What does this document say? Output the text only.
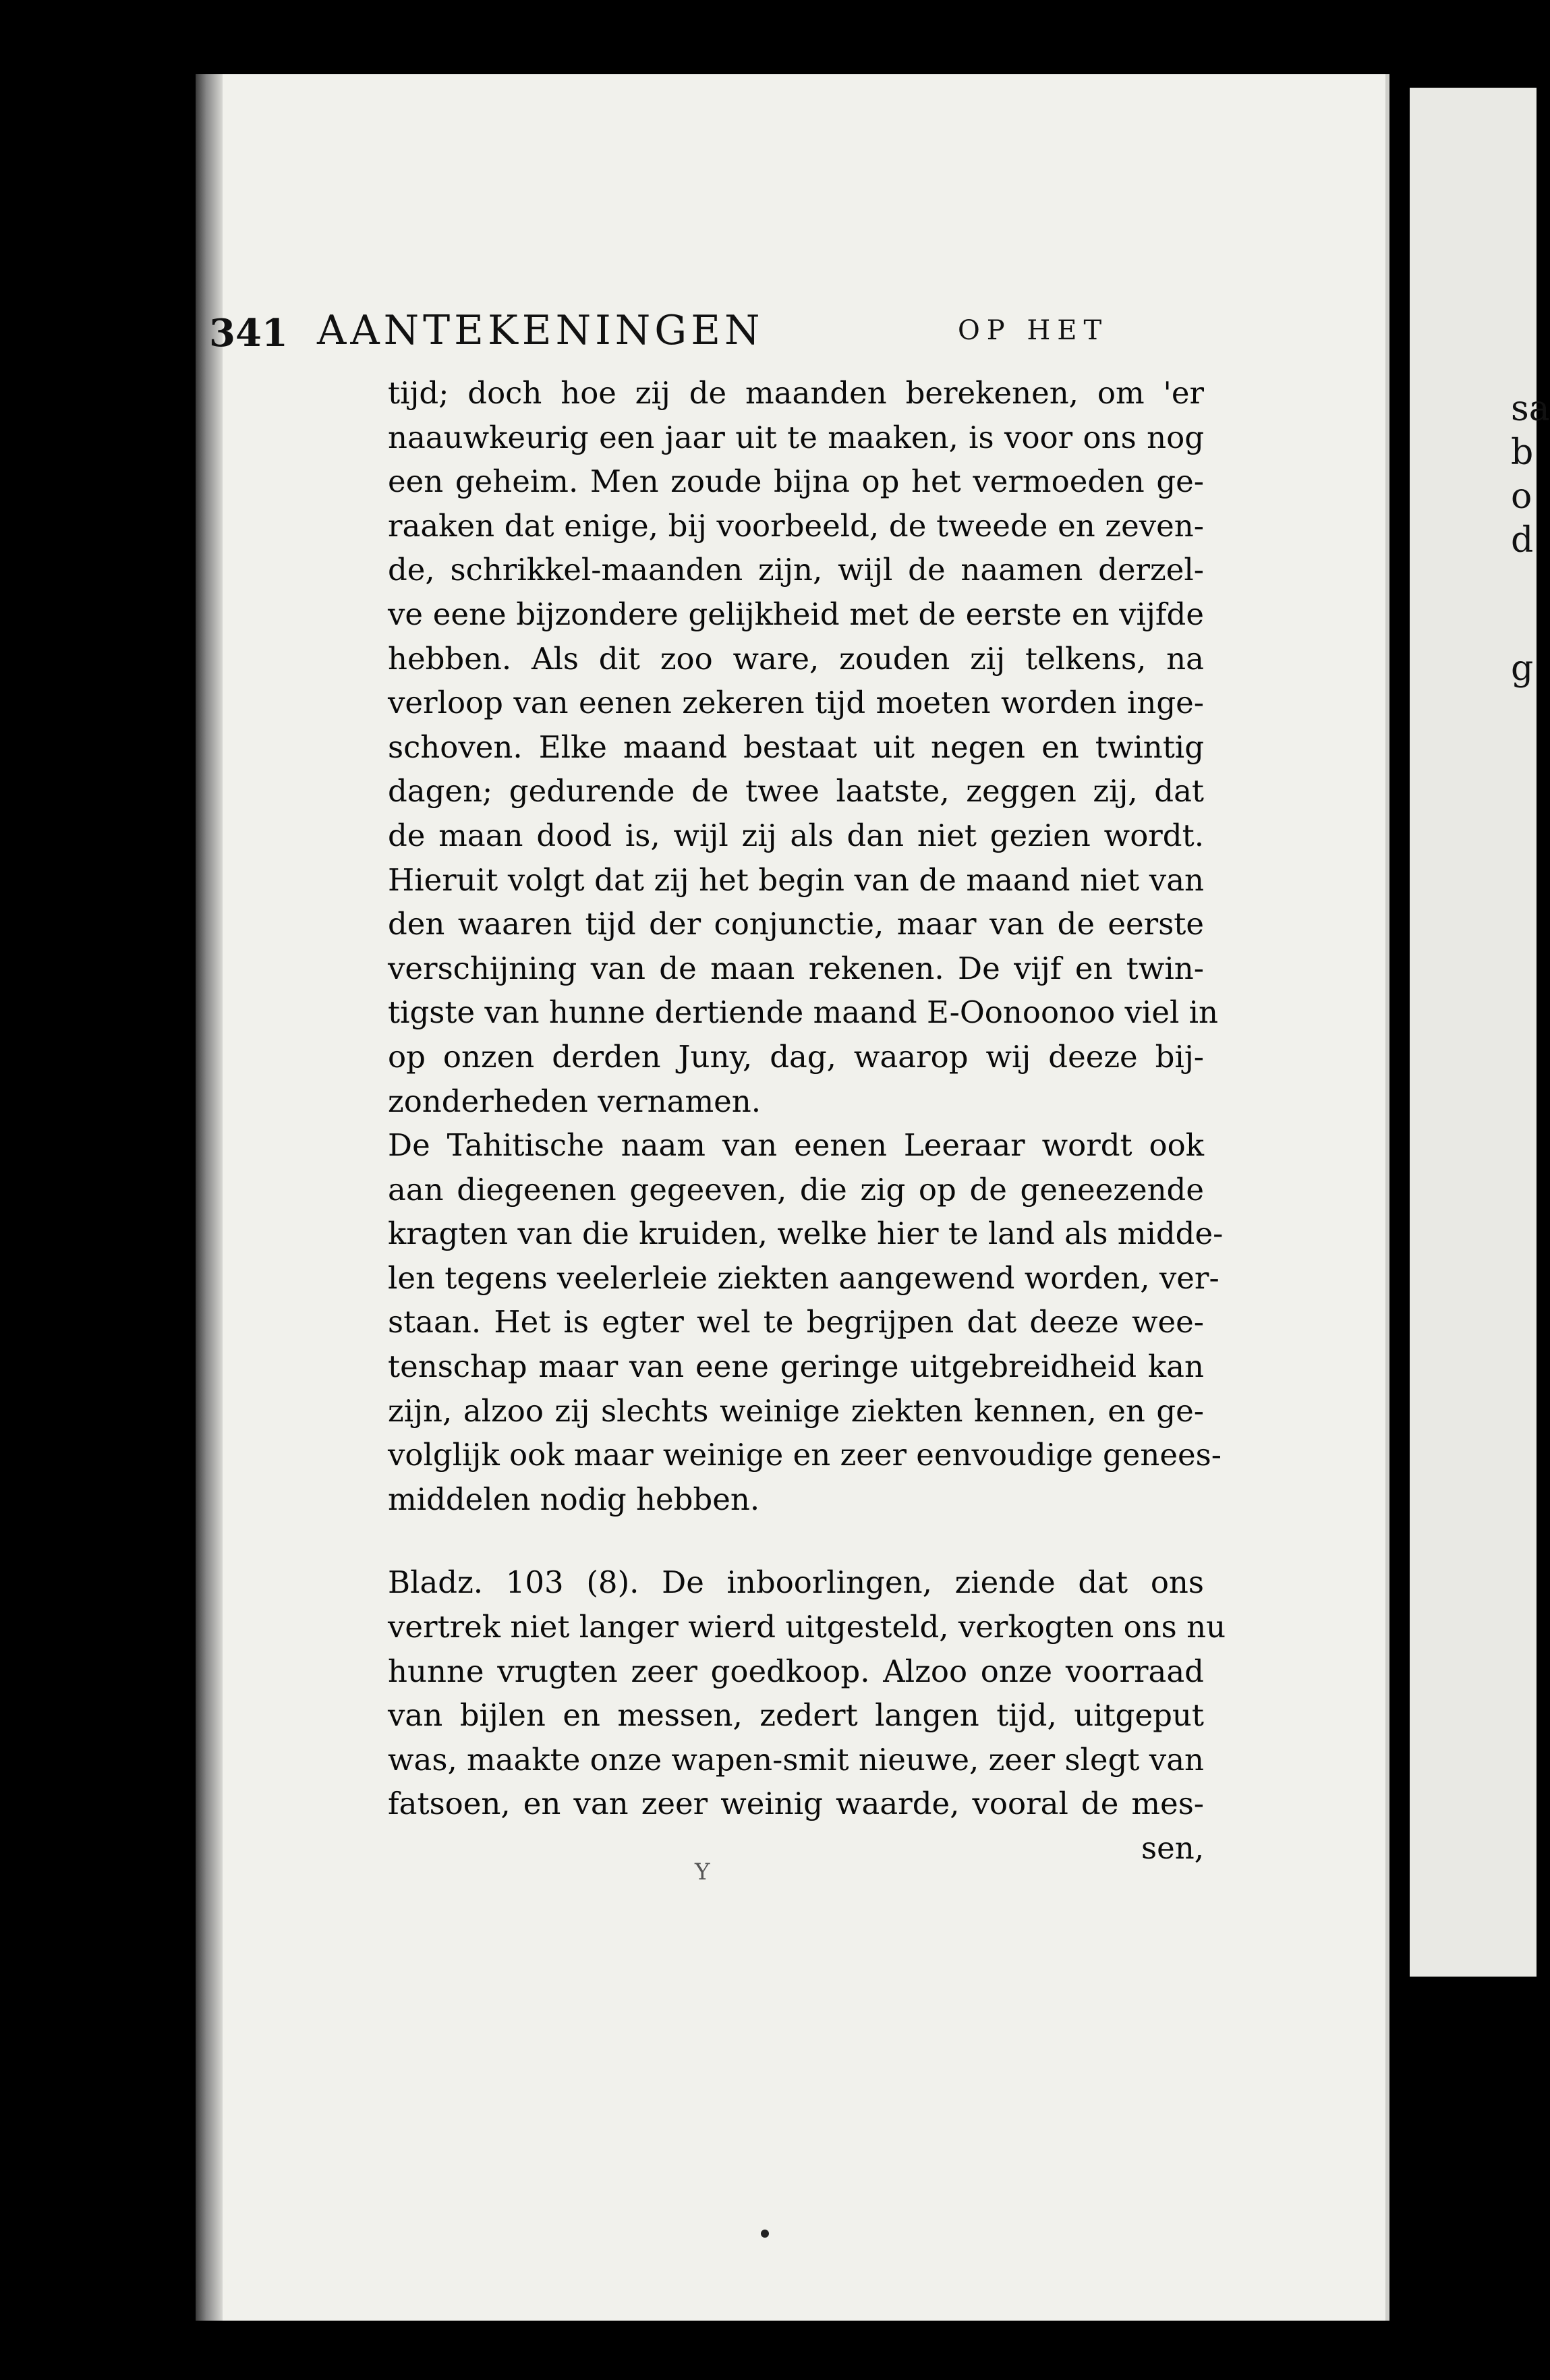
sa
b
o
d
g
341 AANTEKENINGEN	OP HET
tijd; doch hoe zij de maanden berekenen, om 'er
naauwkeurig een jaar uit te maaken, is voor ons nog
een geheim. Men zoude bijna op het vermoeden ge-
raaken dat enige, bij voorbeeld, de tweede en zeven-
de, schrikkel-maanden zijn, wijl de naamen derzel-
ve eene bijzondere gelijkheid met de eerste en vijfde
hebben. Als dit zoo ware, zouden zij telkens, na
verloop van eenen zekeren tijd moeten worden inge-
schoven. Elke maand bestaat uit negen en twintig
dagen; gedurende de twee laatste, zeggen zij, dat
de maan dood is, wijl zij als dan niet gezien wordt.
Hieruit volgt dat zij het begin van de maand niet van
den waaren tijd der conjunctie, maar van de eerste
verschijning van de maan rekenen. De vijf en twin-
tigste van hunne dertiende maand E-Oonoonoo viel in
op onzen derden Juny, dag, waarop wij deeze bij-
zonderheden vernamen.
De Tahitische naam van eenen Leeraar wordt ook
aan diegeenen gegeeven, die zig op de geneezende
kragten van die kruiden, welke hier te land als midde-
len tegens veelerleie ziekten aangewend worden, ver-
staan. Het is egter wel te begrijpen dat deeze wee-
tenschap maar van eene geringe uitgebreidheid kan
zijn, alzoo zij slechts weinige ziekten kennen, en ge-
volglijk ook maar weinige en zeer eenvoudige genees-
middelen nodig hebben.
Bladz. 103 (8). De inboorlingen, ziende dat ons
vertrek niet langer wierd uitgesteld, verkogten ons nu
hunne vrugten zeer goedkoop. Alzoo onze voorraad
van bijlen en messen, zedert langen tijd, uitgeput
was, maakte onze wapen-smit nieuwe, zeer slegt van
fatsoen, en van zeer weinig waarde, vooral de mes-
sen,
Y
